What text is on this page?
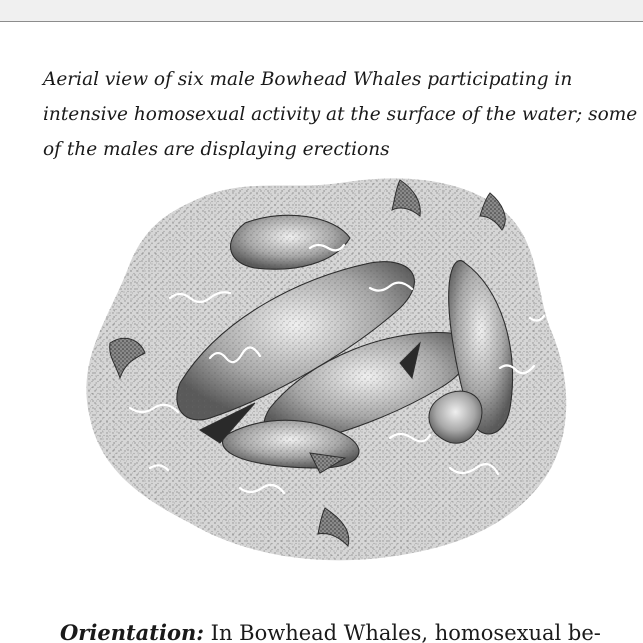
Aerial view of six male Bowhead Whales participating in
intensive homosexual activity at the surface of the water; some
of the males are displaying erections
Orientation: In Bowhead Whales, homosexual be-
